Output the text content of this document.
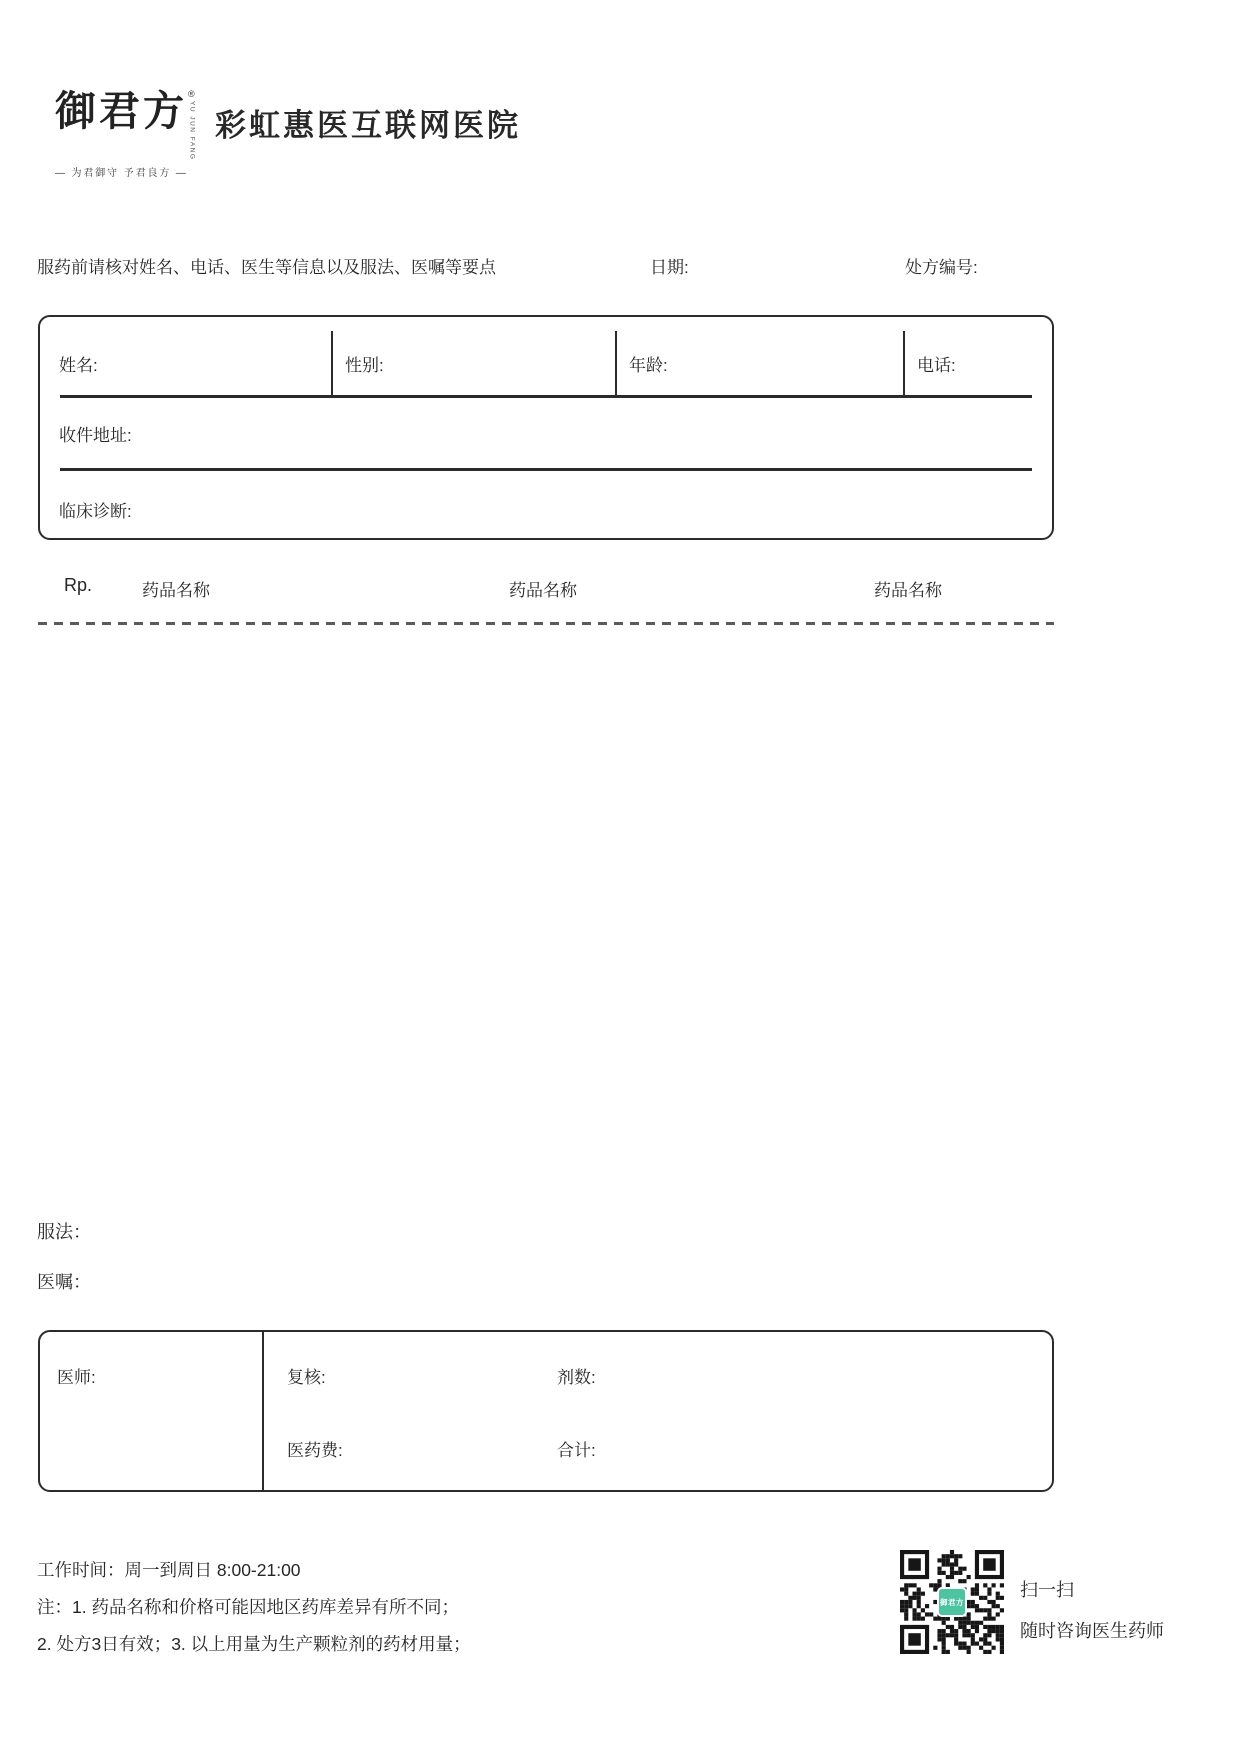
御君方 ®
YU JUN FANG
— 为君御守 予君良方 —
彩虹惠医互联网医院
服药前请核对姓名、电话、医生等信息以及服法、医嘱等要点	日期:	处方编号:
姓名:	性别:	年龄:	电话:
收件地址:
临床诊断:
Rp.	药品名称	药品名称	药品名称
服法：
医嘱：
医师:	复核:	剂数:
医药费:	合计:
工作时间：周一到周日 8:00-21:00
注：1. 药品名称和价格可能因地区药库差异有所不同；
2. 处方3日有效；3. 以上用量为生产颗粒剂的药材用量；
御君方
扫一扫
随时咨询医生药师
